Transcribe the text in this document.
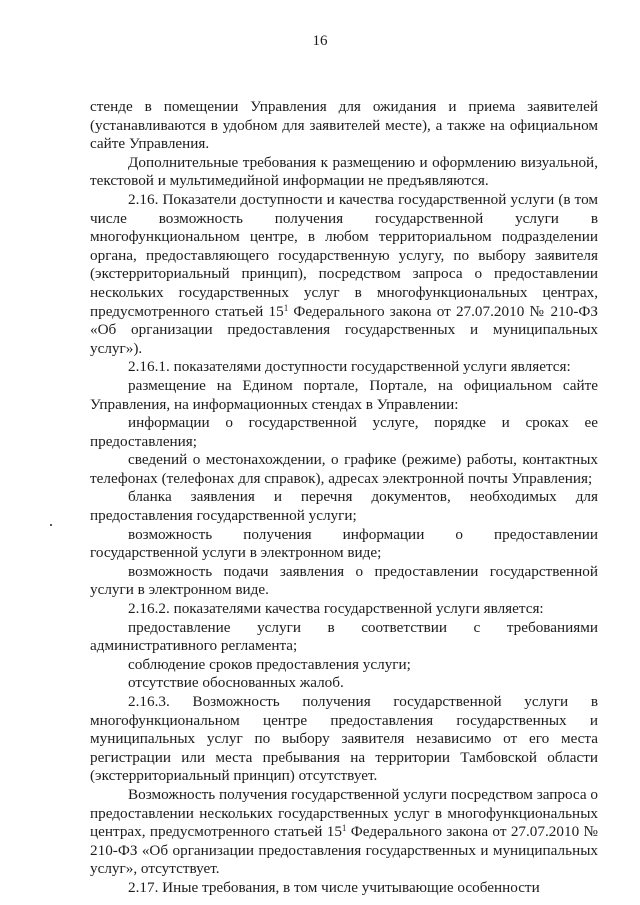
16

стенде в помещении Управления для ожидания и приема заявителей (устанавливаются в удобном для заявителей месте), а также на официальном сайте Управления.

Дополнительные требования к размещению и оформлению визуальной, текстовой и мультимедийной информации не предъявляются.

2.16. Показатели доступности и качества государственной услуги (в том числе возможность получения государственной услуги в многофункциональном центре, в любом территориальном подразделении органа, предоставляющего государственную услугу, по выбору заявителя (экстерриториальный принцип), посредством запроса о предоставлении нескольких государственных услуг в многофункциональных центрах, предусмотренного статьей $15^1$ Федерального закона от 27.07.2010 № 210-ФЗ «Об организации предоставления государственных и муниципальных услуг»).

2.16.1. показателями доступности государственной услуги является:

размещение на Едином портале, Портале, на официальном сайте Управления, на информационных стендах в Управлении:

информации о государственной услуге, порядке и сроках ее предоставления;

сведений о местонахождении, о графике (режиме) работы, контактных телефонах (телефонах для справок), адресах электронной почты Управления;

бланка заявления и перечня документов, необходимых для предоставления государственной услуги;

возможность получения информации о предоставлении государственной услуги в электронном виде;

возможность подачи заявления о предоставлении государственной услуги в электронном виде.

2.16.2. показателями качества государственной услуги является:

предоставление услуги в соответствии с требованиями административного регламента;

соблюдение сроков предоставления услуги;

отсутствие обоснованных жалоб.

2.16.3. Возможность получения государственной услуги в многофункциональном центре предоставления государственных и муниципальных услуг по выбору заявителя независимо от его места регистрации или места пребывания на территории Тамбовской области (экстерриториальный принцип) отсутствует.

Возможность получения государственной услуги посредством запроса о предоставлении нескольких государственных услуг в многофункциональных центрах, предусмотренного статьей $15^1$ Федерального закона от 27.07.2010 № 210-ФЗ «Об организации предоставления государственных и муниципальных услуг», отсутствует.

2.17. Иные требования, в том числе учитывающие особенности
